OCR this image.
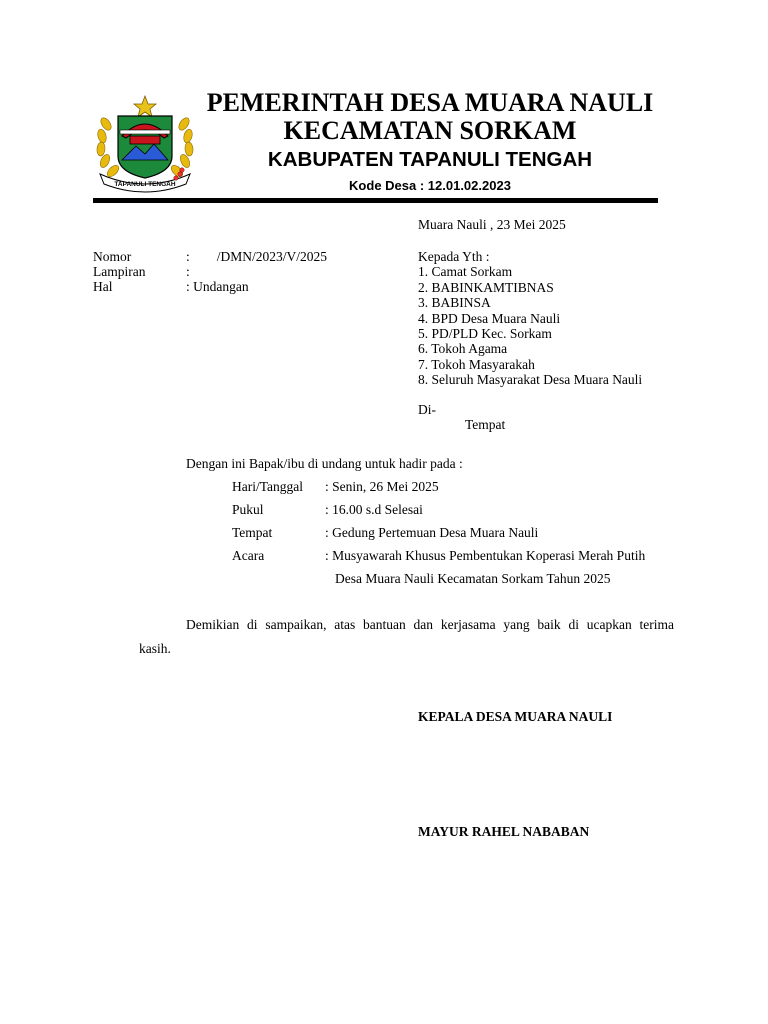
TAPANULI TENGAH
PEMERINTAH DESA MUARA NAULI
KECAMATAN SORKAM
KABUPATEN TAPANULI TENGAH
Kode Desa : 12.01.02.2023
Muara Nauli , 23 Mei 2025
Nomor	:        /DMN/2023/V/2025
Lampiran	:
Hal	: Undangan
Kepada Yth :
1. Camat Sorkam
2. BABINKAMTIBNAS
3. BABINSA
4. BPD Desa Muara Nauli
5. PD/PLD Kec. Sorkam
6. Tokoh Agama
7. Tokoh Masyarakah
8. Seluruh Masyarakat Desa Muara Nauli
Di-
Tempat
Dengan ini Bapak/ibu di undang untuk hadir pada :
Hari/Tanggal : Senin, 26 Mei 2025
Pukul	: 16.00 s.d Selesai
Tempat	: Gedung Pertemuan Desa Muara Nauli
Acara	: Musyawarah Khusus Pembentukan Koperasi Merah Putih
Desa Muara Nauli Kecamatan Sorkam Tahun 2025
Demikian di sampaikan, atas bantuan dan kerjasama yang baik di ucapkan terima
kasih.
KEPALA DESA MUARA NAULI
MAYUR RAHEL NABABAN
